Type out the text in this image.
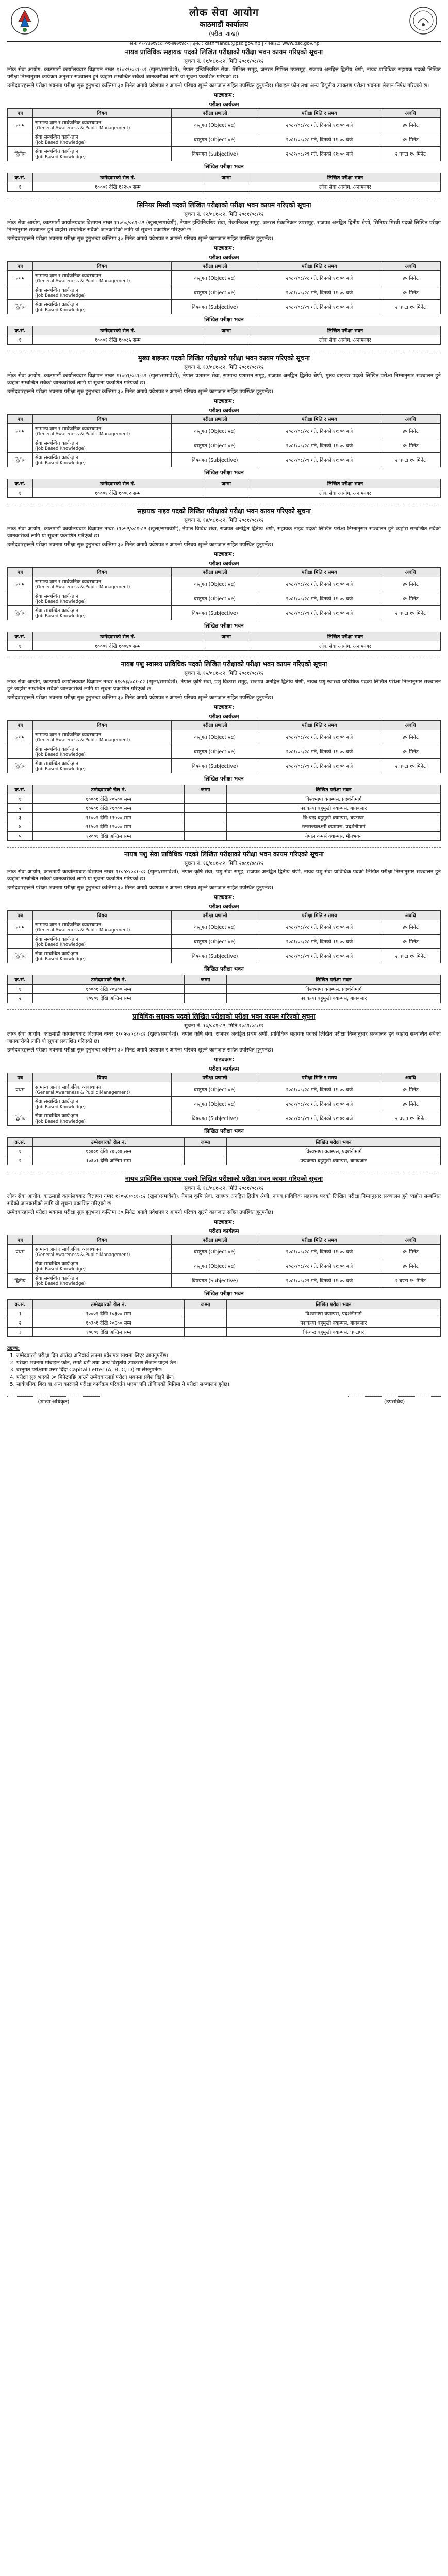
लोक सेवा आयोग
काठमाडौं कार्यालय
(परीक्षा शाखा)
फोन: ०१-४७७१४८८, ०१-४७७१४८९ | इमेल: kathmandu@psc.gov.np | वेबसाइट: www.psc.gov.np
नायब प्राविधिक सहायक पदको लिखित परीक्षाको परीक्षा भवन कायम गरिएको सूचना
सूचना नं. ११/०८१-८२, मिति २०८१/०८/१२
लोक सेवा आयोग, काठमाडौं कार्यालयबाट विज्ञापन नम्बर ११०४९/०८१-८२ (खुला/समावेशी), नेपाल इन्जिनियरिङ सेवा, सिभिल समूह, जनरल सिभिल उपसमूह, राजपत्र अनङ्कित द्वितीय श्रेणी, नायब प्राविधिक सहायक पदको लिखित परीक्षा निम्नानुसार कार्यक्रम अनुसार सञ्चालन हुने व्यहोरा सम्बन्धित सबैको जानकारीको लागि यो सूचना प्रकाशित गरिएको छ।
उम्मेदवारहरूले परीक्षा भवनमा परीक्षा सुरु हुनुभन्दा कम्तिमा ३० मिनेट अगावै प्रवेशपत्र र आफ्नो परिचय खुल्ने कागजात सहित उपस्थित हुनुपर्नेछ। मोबाइल फोन तथा अन्य विद्युतीय उपकरण परीक्षा भवनमा लैजान निषेध गरिएको छ।
पाठ्यक्रम:
परीक्षा कार्यक्रम
पत्र	विषय	परीक्षा प्रणाली	परीक्षा मिति र समय	अवधि
प्रथम	सामान्य ज्ञान र सार्वजनिक व्यवस्थापन
(General Awareness & Public Management)	वस्तुगत (Objective)	२०८१/०८/२८ गते, दिनको ११:०० बजे	४५ मिनेट
	सेवा सम्बन्धित कार्य-ज्ञान
(Job Based Knowledge)	वस्तुगत (Objective)	२०८१/०८/२८ गते, दिनको ११:०० बजे	४५ मिनेट
द्वितीय	सेवा सम्बन्धित कार्य-ज्ञान
(Job Based Knowledge)	विषयगत (Subjective)	२०८१/०८/२९ गते, दिनको ११:०० बजे	२ घण्टा १५ मिनेट
लिखित परीक्षा भवन
क्र.सं.	उम्मेदवारको रोल नं.	जम्मा	लिखित परीक्षा भवन
१	१०००१ देखि ११२५० सम्म		लोक सेवा आयोग, अनामनगर
सिनियर मिस्त्री पदको लिखित परीक्षाको परीक्षा भवन कायम गरिएको सूचना
सूचना नं. १२/०८१-८२, मिति २०८१/०८/१२
लोक सेवा आयोग, काठमाडौं कार्यालयबाट विज्ञापन नम्बर ११०५०/०८१-८२ (खुला/समावेशी), नेपाल इन्जिनियरिङ सेवा, मेकानिकल समूह, जनरल मेकानिकल उपसमूह, राजपत्र अनङ्कित द्वितीय श्रेणी, सिनियर मिस्त्री पदको लिखित परीक्षा निम्नानुसार सञ्चालन हुने व्यहोरा सम्बन्धित सबैको जानकारीको लागि यो सूचना प्रकाशित गरिएको छ।
उम्मेदवारहरूले परीक्षा भवनमा परीक्षा सुरु हुनुभन्दा कम्तिमा ३० मिनेट अगावै प्रवेशपत्र र आफ्नो परिचय खुल्ने कागजात सहित उपस्थित हुनुपर्नेछ।
पाठ्यक्रम:
परीक्षा कार्यक्रम
पत्र	विषय	परीक्षा प्रणाली	परीक्षा मिति र समय	अवधि
प्रथम	सामान्य ज्ञान र सार्वजनिक व्यवस्थापन
(General Awareness & Public Management)	वस्तुगत (Objective)	२०८१/०८/२८ गते, दिनको ११:०० बजे	४५ मिनेट
	सेवा सम्बन्धित कार्य-ज्ञान
(Job Based Knowledge)	वस्तुगत (Objective)	२०८१/०८/२८ गते, दिनको ११:०० बजे	४५ मिनेट
द्वितीय	सेवा सम्बन्धित कार्य-ज्ञान
(Job Based Knowledge)	विषयगत (Subjective)	२०८१/०८/२९ गते, दिनको ११:०० बजे	२ घण्टा १५ मिनेट
लिखित परीक्षा भवन
क्र.सं.	उम्मेदवारको रोल नं.	जम्मा	लिखित परीक्षा भवन
१	१०००१ देखि १००८५ सम्म		लोक सेवा आयोग, अनामनगर
मुख्य बाइन्डर पदको लिखित परीक्षाको परीक्षा भवन कायम गरिएको सूचना
सूचना नं. १३/०८१-८२, मिति २०८१/०८/१२
लोक सेवा आयोग, काठमाडौं कार्यालयबाट विज्ञापन नम्बर ११०५१/०८१-८२ (खुला/समावेशी), नेपाल प्रशासन सेवा, सामान्य प्रशासन समूह, राजपत्र अनङ्कित द्वितीय श्रेणी, मुख्य बाइन्डर पदको लिखित परीक्षा निम्नानुसार सञ्चालन हुने व्यहोरा सम्बन्धित सबैको जानकारीको लागि यो सूचना प्रकाशित गरिएको छ।
उम्मेदवारहरूले परीक्षा भवनमा परीक्षा सुरु हुनुभन्दा कम्तिमा ३० मिनेट अगावै प्रवेशपत्र र आफ्नो परिचय खुल्ने कागजात सहित उपस्थित हुनुपर्नेछ।
पाठ्यक्रम:
परीक्षा कार्यक्रम
पत्र	विषय	परीक्षा प्रणाली	परीक्षा मिति र समय	अवधि
प्रथम	सामान्य ज्ञान र सार्वजनिक व्यवस्थापन
(General Awareness & Public Management)	वस्तुगत (Objective)	२०८१/०८/२८ गते, दिनको ११:०० बजे	४५ मिनेट
	सेवा सम्बन्धित कार्य-ज्ञान
(Job Based Knowledge)	वस्तुगत (Objective)	२०८१/०८/२८ गते, दिनको ११:०० बजे	४५ मिनेट
द्वितीय	सेवा सम्बन्धित कार्य-ज्ञान
(Job Based Knowledge)	विषयगत (Subjective)	२०८१/०८/२९ गते, दिनको ११:०० बजे	२ घण्टा १५ मिनेट
लिखित परीक्षा भवन
क्र.सं.	उम्मेदवारको रोल नं.	जम्मा	लिखित परीक्षा भवन
१	१०००१ देखि १००६२ सम्म		लोक सेवा आयोग, अनामनगर
सहायक नाइव पदको लिखित परीक्षाको परीक्षा भवन कायम गरिएको सूचना
सूचना नं. १४/०८१-८२, मिति २०८१/०८/१२
लोक सेवा आयोग, काठमाडौं कार्यालयबाट विज्ञापन नम्बर ११०५२/०८१-८२ (खुला/समावेशी), नेपाल विविध सेवा, राजपत्र अनङ्कित द्वितीय श्रेणी, सहायक नाइव पदको लिखित परीक्षा निम्नानुसार सञ्चालन हुने व्यहोरा सम्बन्धित सबैको जानकारीको लागि यो सूचना प्रकाशित गरिएको छ।
उम्मेदवारहरूले परीक्षा भवनमा परीक्षा सुरु हुनुभन्दा कम्तिमा ३० मिनेट अगावै प्रवेशपत्र र आफ्नो परिचय खुल्ने कागजात सहित उपस्थित हुनुपर्नेछ।
पाठ्यक्रम:
परीक्षा कार्यक्रम
पत्र	विषय	परीक्षा प्रणाली	परीक्षा मिति र समय	अवधि
प्रथम	सामान्य ज्ञान र सार्वजनिक व्यवस्थापन
(General Awareness & Public Management)	वस्तुगत (Objective)	२०८१/०८/२८ गते, दिनको ११:०० बजे	४५ मिनेट
	सेवा सम्बन्धित कार्य-ज्ञान
(Job Based Knowledge)	वस्तुगत (Objective)	२०८१/०८/२८ गते, दिनको ११:०० बजे	४५ मिनेट
द्वितीय	सेवा सम्बन्धित कार्य-ज्ञान
(Job Based Knowledge)	विषयगत (Subjective)	२०८१/०८/२९ गते, दिनको ११:०० बजे	२ घण्टा १५ मिनेट
लिखित परीक्षा भवन
क्र.सं.	उम्मेदवारको रोल नं.	जम्मा	लिखित परीक्षा भवन
१	१०००१ देखि १००४० सम्म		लोक सेवा आयोग, अनामनगर
नायब पशु स्वास्थ्य प्राविधिक पदको लिखित परीक्षाको परीक्षा भवन कायम गरिएको सूचना
सूचना नं. १५/०८१-८२, मिति २०८१/०८/१२
लोक सेवा आयोग, काठमाडौं कार्यालयबाट विज्ञापन नम्बर ११०५३/०८१-८२ (खुला/समावेशी), नेपाल कृषि सेवा, पशु विकास समूह, राजपत्र अनङ्कित द्वितीय श्रेणी, नायब पशु स्वास्थ्य प्राविधिक पदको लिखित परीक्षा निम्नानुसार सञ्चालन हुने व्यहोरा सम्बन्धित सबैको जानकारीको लागि यो सूचना प्रकाशित गरिएको छ।
उम्मेदवारहरूले परीक्षा भवनमा परीक्षा सुरु हुनुभन्दा कम्तिमा ३० मिनेट अगावै प्रवेशपत्र र आफ्नो परिचय खुल्ने कागजात सहित उपस्थित हुनुपर्नेछ।
पाठ्यक्रम:
परीक्षा कार्यक्रम
पत्र	विषय	परीक्षा प्रणाली	परीक्षा मिति र समय	अवधि
प्रथम	सामान्य ज्ञान र सार्वजनिक व्यवस्थापन
(General Awareness & Public Management)	वस्तुगत (Objective)	२०८१/०८/२८ गते, दिनको ११:०० बजे	४५ मिनेट
	सेवा सम्बन्धित कार्य-ज्ञान
(Job Based Knowledge)	वस्तुगत (Objective)	२०८१/०८/२८ गते, दिनको ११:०० बजे	४५ मिनेट
द्वितीय	सेवा सम्बन्धित कार्य-ज्ञान
(Job Based Knowledge)	विषयगत (Subjective)	२०८१/०८/२९ गते, दिनको ११:०० बजे	२ घण्टा १५ मिनेट
लिखित परीक्षा भवन
क्र.सं.	उम्मेदवारको रोल नं.	जम्मा	लिखित परीक्षा भवन
१	१०००१ देखि १०५०० सम्म		विश्वभाषा क्याम्पस, प्रदर्शनीमार्ग
२	१०५०१ देखि ११००० सम्म		पद्मकन्या बहुमुखी क्याम्पस, बागबजार
३	११००१ देखि ११५०० सम्म		त्रि-चन्द्र बहुमुखी क्याम्पस, घण्टाघर
४	११५०१ देखि १२००० सम्म		रत्नराज्यलक्ष्मी क्याम्पस, प्रदर्शनीमार्ग
५	१२००१ देखि अन्तिम सम्म		नेपाल कमर्स क्याम्पस, मीनभवन
नायब पशु सेवा प्राविधिक पदको लिखित परीक्षाको परीक्षा भवन कायम गरिएको सूचना
सूचना नं. १६/०८१-८२, मिति २०८१/०८/१२
लोक सेवा आयोग, काठमाडौं कार्यालयबाट विज्ञापन नम्बर ११०५४/०८१-८२ (खुला/समावेशी), नेपाल कृषि सेवा, पशु सेवा समूह, राजपत्र अनङ्कित द्वितीय श्रेणी, नायब पशु सेवा प्राविधिक पदको लिखित परीक्षा निम्नानुसार सञ्चालन हुने व्यहोरा सम्बन्धित सबैको जानकारीको लागि यो सूचना प्रकाशित गरिएको छ।
उम्मेदवारहरूले परीक्षा भवनमा परीक्षा सुरु हुनुभन्दा कम्तिमा ३० मिनेट अगावै प्रवेशपत्र र आफ्नो परिचय खुल्ने कागजात सहित उपस्थित हुनुपर्नेछ।
पाठ्यक्रम:
परीक्षा कार्यक्रम
पत्र	विषय	परीक्षा प्रणाली	परीक्षा मिति र समय	अवधि
प्रथम	सामान्य ज्ञान र सार्वजनिक व्यवस्थापन
(General Awareness & Public Management)	वस्तुगत (Objective)	२०८१/०८/२८ गते, दिनको ११:०० बजे	४५ मिनेट
	सेवा सम्बन्धित कार्य-ज्ञान
(Job Based Knowledge)	वस्तुगत (Objective)	२०८१/०८/२८ गते, दिनको ११:०० बजे	४५ मिनेट
द्वितीय	सेवा सम्बन्धित कार्य-ज्ञान
(Job Based Knowledge)	विषयगत (Subjective)	२०८१/०८/२९ गते, दिनको ११:०० बजे	२ घण्टा १५ मिनेट
लिखित परीक्षा भवन
क्र.सं.	उम्मेदवारको रोल नं.	जम्मा	लिखित परीक्षा भवन
१	१०००१ देखि १०४०० सम्म		विश्वभाषा क्याम्पस, प्रदर्शनीमार्ग
२	१०४०१ देखि अन्तिम सम्म		पद्मकन्या बहुमुखी क्याम्पस, बागबजार
प्राविधिक सहायक पदको लिखित परीक्षाको परीक्षा भवन कायम गरिएको सूचना
सूचना नं. १७/०८१-८२, मिति २०८१/०८/१२
लोक सेवा आयोग, काठमाडौं कार्यालयबाट विज्ञापन नम्बर ११०५५/०८१-८२ (खुला/समावेशी), नेपाल कृषि सेवा, राजपत्र अनङ्कित प्रथम श्रेणी, प्राविधिक सहायक पदको लिखित परीक्षा निम्नानुसार सञ्चालन हुने व्यहोरा सम्बन्धित सबैको जानकारीको लागि यो सूचना प्रकाशित गरिएको छ।
उम्मेदवारहरूले परीक्षा भवनमा परीक्षा सुरु हुनुभन्दा कम्तिमा ३० मिनेट अगावै प्रवेशपत्र र आफ्नो परिचय खुल्ने कागजात सहित उपस्थित हुनुपर्नेछ।
पाठ्यक्रम:
परीक्षा कार्यक्रम
पत्र	विषय	परीक्षा प्रणाली	परीक्षा मिति र समय	अवधि
प्रथम	सामान्य ज्ञान र सार्वजनिक व्यवस्थापन
(General Awareness & Public Management)	वस्तुगत (Objective)	२०८१/०८/२८ गते, दिनको ११:०० बजे	४५ मिनेट
	सेवा सम्बन्धित कार्य-ज्ञान
(Job Based Knowledge)	वस्तुगत (Objective)	२०८१/०८/२८ गते, दिनको ११:०० बजे	४५ मिनेट
द्वितीय	सेवा सम्बन्धित कार्य-ज्ञान
(Job Based Knowledge)	विषयगत (Subjective)	२०८१/०८/२९ गते, दिनको ११:०० बजे	२ घण्टा १५ मिनेट
लिखित परीक्षा भवन
क्र.सं.	उम्मेदवारको रोल नं.	जम्मा	लिखित परीक्षा भवन
१	१०००१ देखि १०६०० सम्म		विश्वभाषा क्याम्पस, प्रदर्शनीमार्ग
२	१०६०१ देखि अन्तिम सम्म		पद्मकन्या बहुमुखी क्याम्पस, बागबजार
नायब प्राविधिक सहायक पदको लिखित परीक्षाको परीक्षा भवन कायम गरिएको सूचना
सूचना नं. १८/०८१-८२, मिति २०८१/०८/१२
लोक सेवा आयोग, काठमाडौं कार्यालयबाट विज्ञापन नम्बर ११०५६/०८१-८२ (खुला/समावेशी), नेपाल कृषि सेवा, राजपत्र अनङ्कित द्वितीय श्रेणी, नायब प्राविधिक सहायक पदको लिखित परीक्षा निम्नानुसार सञ्चालन हुने व्यहोरा सम्बन्धित सबैको जानकारीको लागि यो सूचना प्रकाशित गरिएको छ।
उम्मेदवारहरूले परीक्षा भवनमा परीक्षा सुरु हुनुभन्दा कम्तिमा ३० मिनेट अगावै प्रवेशपत्र र आफ्नो परिचय खुल्ने कागजात सहित उपस्थित हुनुपर्नेछ।
पाठ्यक्रम:
परीक्षा कार्यक्रम
पत्र	विषय	परीक्षा प्रणाली	परीक्षा मिति र समय	अवधि
प्रथम	सामान्य ज्ञान र सार्वजनिक व्यवस्थापन
(General Awareness & Public Management)	वस्तुगत (Objective)	२०८१/०८/२८ गते, दिनको ११:०० बजे	४५ मिनेट
	सेवा सम्बन्धित कार्य-ज्ञान
(Job Based Knowledge)	वस्तुगत (Objective)	२०८१/०८/२८ गते, दिनको ११:०० बजे	४५ मिनेट
द्वितीय	सेवा सम्बन्धित कार्य-ज्ञान
(Job Based Knowledge)	विषयगत (Subjective)	२०८१/०८/२९ गते, दिनको ११:०० बजे	२ घण्टा १५ मिनेट
लिखित परीक्षा भवन
क्र.सं.	उम्मेदवारको रोल नं.	जम्मा	लिखित परीक्षा भवन
१	१०००१ देखि १०३०० सम्म		विश्वभाषा क्याम्पस, प्रदर्शनीमार्ग
२	१०३०१ देखि १०६०० सम्म		पद्मकन्या बहुमुखी क्याम्पस, बागबजार
३	१०६०१ देखि अन्तिम सम्म		त्रि-चन्द्र बहुमुखी क्याम्पस, घण्टाघर
द्रष्टव्य:
1. उम्मेदवारले परीक्षा दिन आउँदा अनिवार्य रूपमा प्रवेशपत्र साथमा लिएर आउनुपर्नेछ।
2. परीक्षा भवनमा मोबाइल फोन, स्मार्ट घडी तथा अन्य विद्युतीय उपकरण लैजान पाइने छैन।
3. वस्तुगत परीक्षामा उत्तर दिँदा Capital Letter (A, B, C, D) मा लेख्नुपर्नेछ।
4. परीक्षा सुरु भएको ३० मिनेटपछि आउने उम्मेदवारलाई परीक्षा भवनमा प्रवेश दिइने छैन।
5. सार्वजनिक बिदा वा अन्य कारणले परीक्षा कार्यक्रम परिवर्तन भएमा पनि तोकिएको मितिमा नै परीक्षा सञ्चालन हुनेछ।
(शाखा अधिकृत)	(उपसचिव)
